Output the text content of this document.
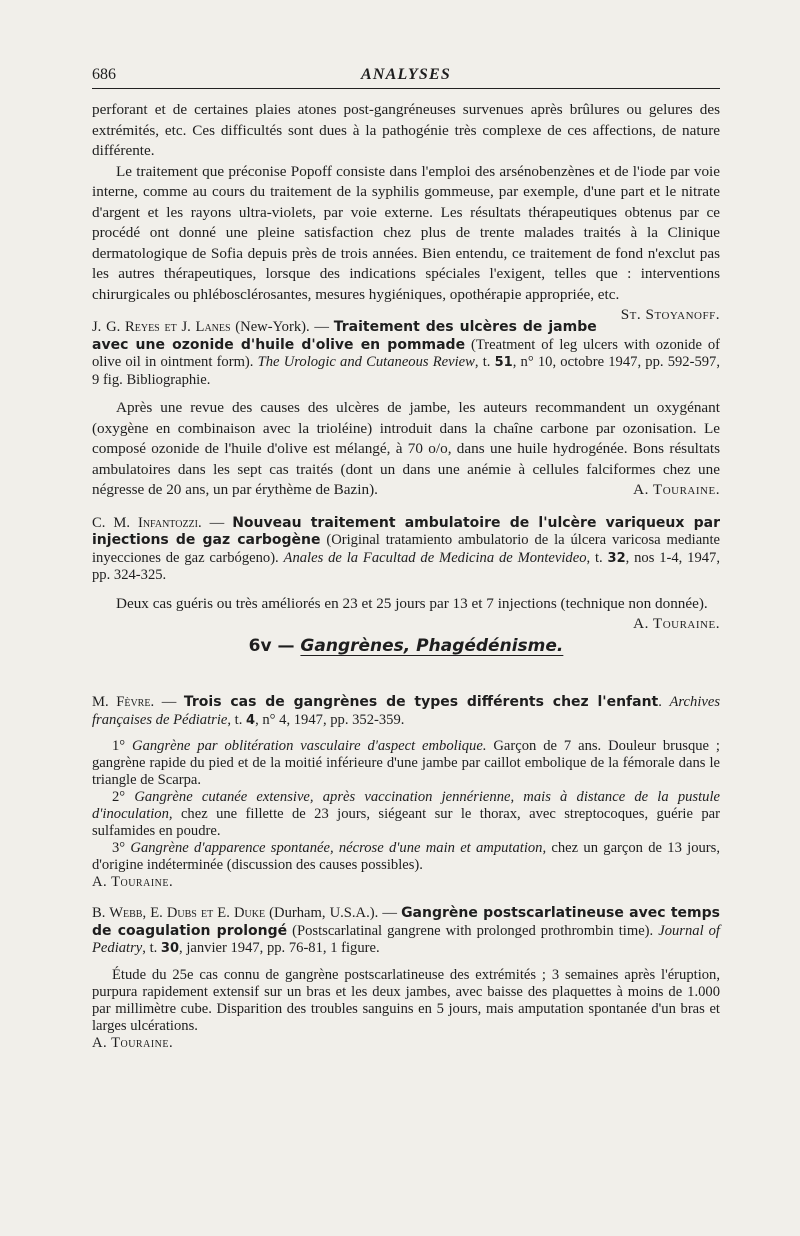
686	ANALYSES

perforant et de certaines plaies atones post-gangréneuses survenues après brûlures ou gelures des extrémités, etc. Ces difficultés sont dues à la pathogénie très complexe de ces affections, de nature différente.

Le traitement que préconise Popoff consiste dans l'emploi des arsénobenzènes et de l'iode par voie interne, comme au cours du traitement de la syphilis gommeuse, par exemple, d'une part et le nitrate d'argent et les rayons ultra-violets, par voie externe. Les résultats thérapeutiques obtenus par ce procédé ont donné une pleine satisfaction chez plus de trente malades traités à la Clinique dermatologique de Sofia depuis près de trois années. Bien entendu, ce traitement de fond n'exclut pas les autres thérapeutiques, lorsque des indications spéciales l'exigent, telles que : interventions chirurgicales ou phlébosclérosantes, mesures hygiéniques, opothérapie appropriée, etc.
St. Stoyanoff.

J. G. Reyes et J. Lanes (New-York). — Traitement des ulcères de jambe avec une ozonide d'huile d'olive en pommade (Treatment of leg ulcers with ozonide of olive oil in ointment form). The Urologic and Cutaneous Review, t. 51, n° 10, octobre 1947, pp. 592-597, 9 fig. Bibliographie.

Après une revue des causes des ulcères de jambe, les auteurs recommandent un oxygénant (oxygène en combinaison avec la trioléine) introduit dans la chaîne carbone par ozonisation. Le composé ozonide de l'huile d'olive est mélangé, à 70 o/o, dans une huile hydrogénée. Bons résultats ambulatoires dans les sept cas traités (dont un dans une anémie à cellules falciformes chez une négresse de 20 ans, un par érythème de Bazin).	A. Touraine.

C. M. Infantozzi. — Nouveau traitement ambulatoire de l'ulcère variqueux par injections de gaz carbogène (Original tratamiento ambulatorio de la úlcera varicosa mediante inyecciones de gaz carbógeno). Anales de la Facultad de Medicina de Montevideo, t. 32, nos 1-4, 1947, pp. 324-325.

Deux cas guéris ou très améliorés en 23 et 25 jours par 13 et 7 injections (technique non donnée).
A. Touraine.

6v — Gangrènes, Phagédénisme.

M. Fèvre. — Trois cas de gangrènes de types différents chez l'enfant. Archives françaises de Pédiatrie, t. 4, n° 4, 1947, pp. 352-359.

1° Gangrène par oblitération vasculaire d'aspect embolique. Garçon de 7 ans. Douleur brusque ; gangrène rapide du pied et de la moitié inférieure d'une jambe par caillot embolique de la fémorale dans le triangle de Scarpa.

2° Gangrène cutanée extensive, après vaccination jennérienne, mais à distance de la pustule d'inoculation, chez une fillette de 23 jours, siégeant sur le thorax, avec streptocoques, guérie par sulfamides en poudre.

3° Gangrène d'apparence spontanée, nécrose d'une main et amputation, chez un garçon de 13 jours, d'origine indéterminée (discussion des causes possibles).

A. Touraine.

B. Webb, E. Dubs et E. Duke (Durham, U.S.A.). — Gangrène postscarlatineuse avec temps de coagulation prolongé (Postscarlatinal gangrene with prolonged prothrombin time). Journal of Pediatry, t. 30, janvier 1947, pp. 76-81, 1 figure.

Étude du 25e cas connu de gangrène postscarlatineuse des extrémités ; 3 semaines après l'éruption, purpura rapidement extensif sur un bras et les deux jambes, avec baisse des plaquettes à moins de 1.000 par millimètre cube. Disparition des troubles sanguins en 5 jours, mais amputation spontanée d'un bras et larges ulcérations.

A. Touraine.
